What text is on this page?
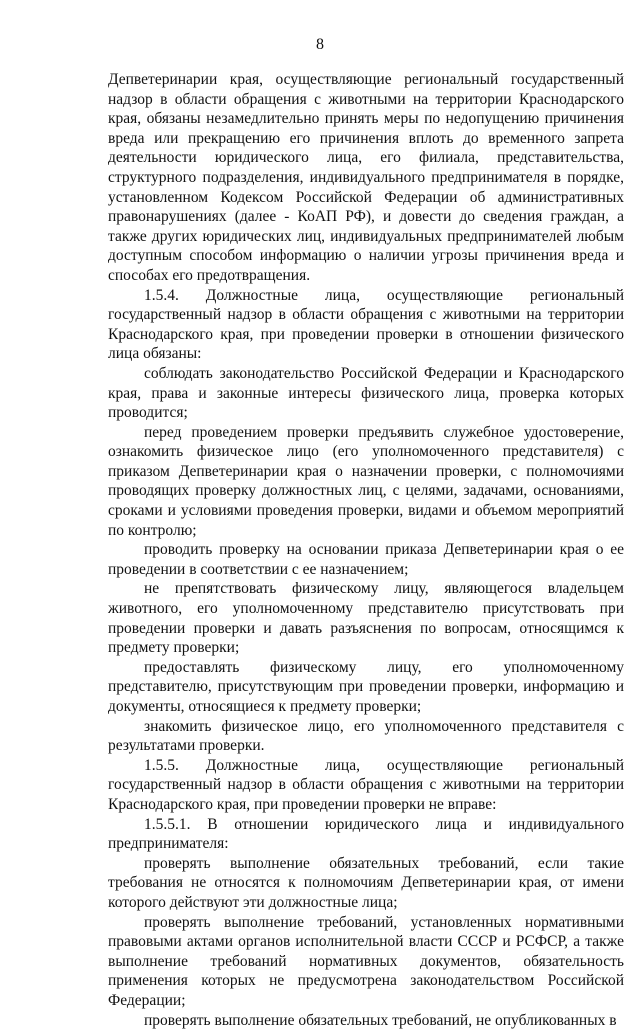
8

Депветеринарии края, осуществляющие региональный государственный надзор в области обращения с животными на территории Краснодарского края, обязаны незамедлительно принять меры по недопущению причинения вреда или прекращению его причинения вплоть до временного запрета деятельности юридического лица, его филиала, представительства, структурного подразделения, индивидуального предпринимателя в порядке, установленном Кодексом Российской Федерации об административных правонарушениях (далее - КоАП РФ), и довести до сведения граждан, а также других юридических лиц, индивидуальных предпринимателей любым доступным способом информацию о наличии угрозы причинения вреда и способах его предотвращения.

1.5.4. Должностные лица, осуществляющие региональный государственный надзор в области обращения с животными на территории Краснодарского края, при проведении проверки в отношении физического лица обязаны:

соблюдать законодательство Российской Федерации и Краснодарского края, права и законные интересы физического лица, проверка которых проводится;

перед проведением проверки предъявить служебное удостоверение, ознакомить физическое лицо (его уполномоченного представителя) с приказом Депветеринарии края о назначении проверки, с полномочиями проводящих проверку должностных лиц, с целями, задачами, основаниями, сроками и условиями проведения проверки, видами и объемом мероприятий по контролю;

проводить проверку на основании приказа Депветеринарии края о ее проведении в соответствии с ее назначением;

не препятствовать физическому лицу, являющегося владельцем животного, его уполномоченному представителю присутствовать при проведении проверки и давать разъяснения по вопросам, относящимся к предмету проверки;

предоставлять физическому лицу, его уполномоченному представителю, присутствующим при проведении проверки, информацию и документы, относящиеся к предмету проверки;

знакомить физическое лицо, его уполномоченного представителя с результатами проверки.

1.5.5. Должностные лица, осуществляющие региональный государственный надзор в области обращения с животными на территории Краснодарского края, при проведении проверки не вправе:

1.5.5.1. В отношении юридического лица и индивидуального предпринимателя:

проверять выполнение обязательных требований, если такие требования не относятся к полномочиям Депветеринарии края, от имени которого действуют эти должностные лица;

проверять выполнение требований, установленных нормативными правовыми актами органов исполнительной власти СССР и РСФСР, а также выполнение требований нормативных документов, обязательность применения которых не предусмотрена законодательством Российской Федерации;

проверять выполнение обязательных требований, не опубликованных в
